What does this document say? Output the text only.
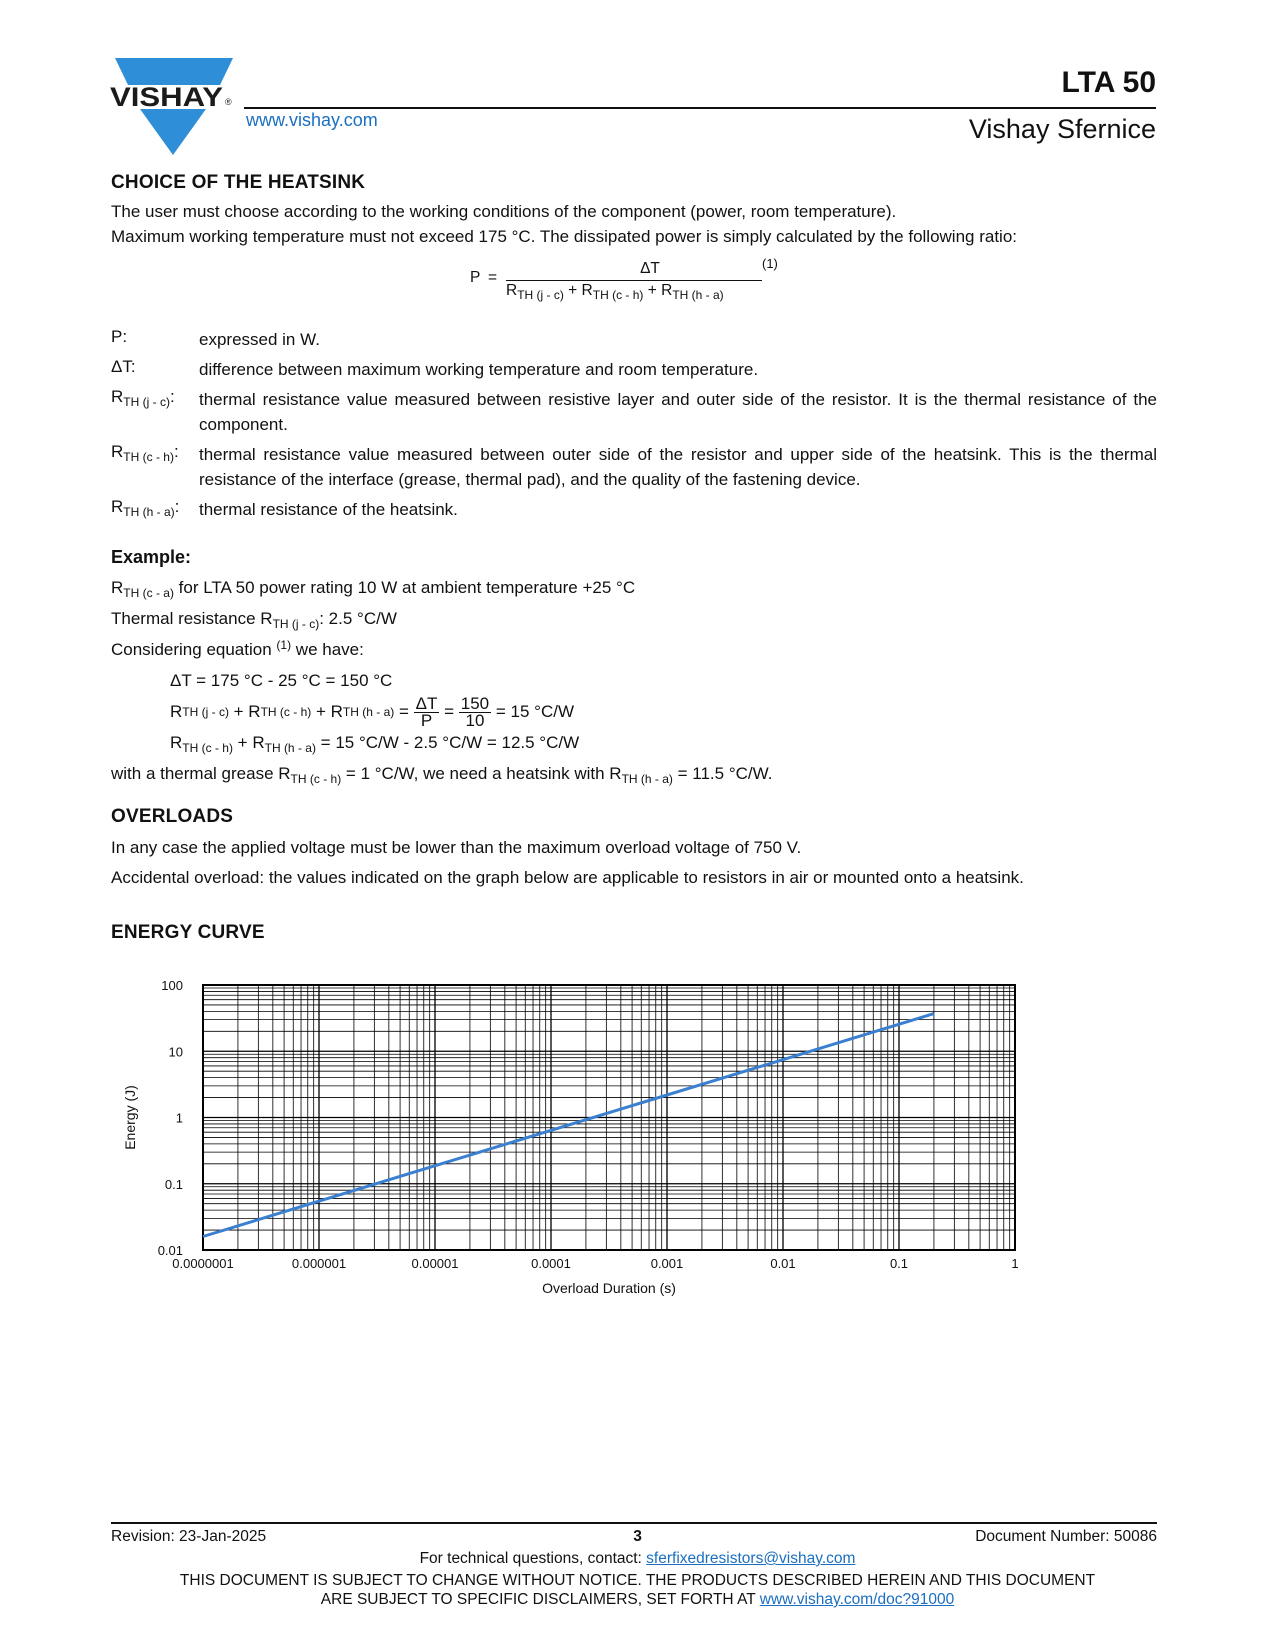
VISHAY ®
www.vishay.com
LTA 50
Vishay Sfernice
CHOICE OF THE HEATSINK
The user must choose according to the working conditions of the component (power, room temperature).
Maximum working temperature must not exceed 175 °C. The dissipated power is simply calculated by the following ratio:
P =
ΔT
$R_{TH (j - c)} + R_{TH (c - h)} + R_{TH (h - a)}$
(1)
P:	expressed in W.
ΔT:	difference between maximum working temperature and room temperature.
$R_{TH (j - c)}$:	thermal resistance value measured between resistive layer and outer side of the resistor. It is the thermal resistance of the component.
$R_{TH (c - h)}$:	thermal resistance value measured between outer side of the resistor and upper side of the heatsink. This is the thermal resistance of the interface (grease, thermal pad), and the quality of the fastening device.
$R_{TH (h - a)}$:	thermal resistance of the heatsink.
Example:
$R_{TH (c - a)}$ for LTA 50 power rating 10 W at ambient temperature +25 °C
Thermal resistance $R_{TH (j - c)}$: 2.5 °C/W
Considering equation $^{(1)}$ we have:
ΔT = 175 °C - 25 °C = 150 °C
R TH (j - c) + R TH (c - h) + R TH $(h - a) = \frac{\Delta T}{P} = \frac{150}{10} = 15$ °C/W
$R_{TH (c - h)} + R_{TH (h - a)} = 15$ °C/W - 2.5 °C/W = 12.5 °C/W
with a thermal grease $R_{TH (c - h)} = 1$ °C/W, we need a heatsink with $R_{TH (h - a)} = 11.5$ °C/W.
OVERLOADS
In any case the applied voltage must be lower than the maximum overload voltage of 750 V.
Accidental overload: the values indicated on the graph below are applicable to resistors in air or mounted onto a heatsink.
ENERGY CURVE
0.0000001	0.000001	0.00001	0.0001	0.001	0.01	0.1	1
100
10
1
0.1
0.01
Overload Duration (s)
Energy (J)
Revision: 23-Jan-2025	3	Document Number: 50086
For technical questions, contact: sferfixedresistors@vishay.com
THIS DOCUMENT IS SUBJECT TO CHANGE WITHOUT NOTICE. THE PRODUCTS DESCRIBED HEREIN AND THIS DOCUMENT
ARE SUBJECT TO SPECIFIC DISCLAIMERS, SET FORTH AT www.vishay.com/doc?91000
